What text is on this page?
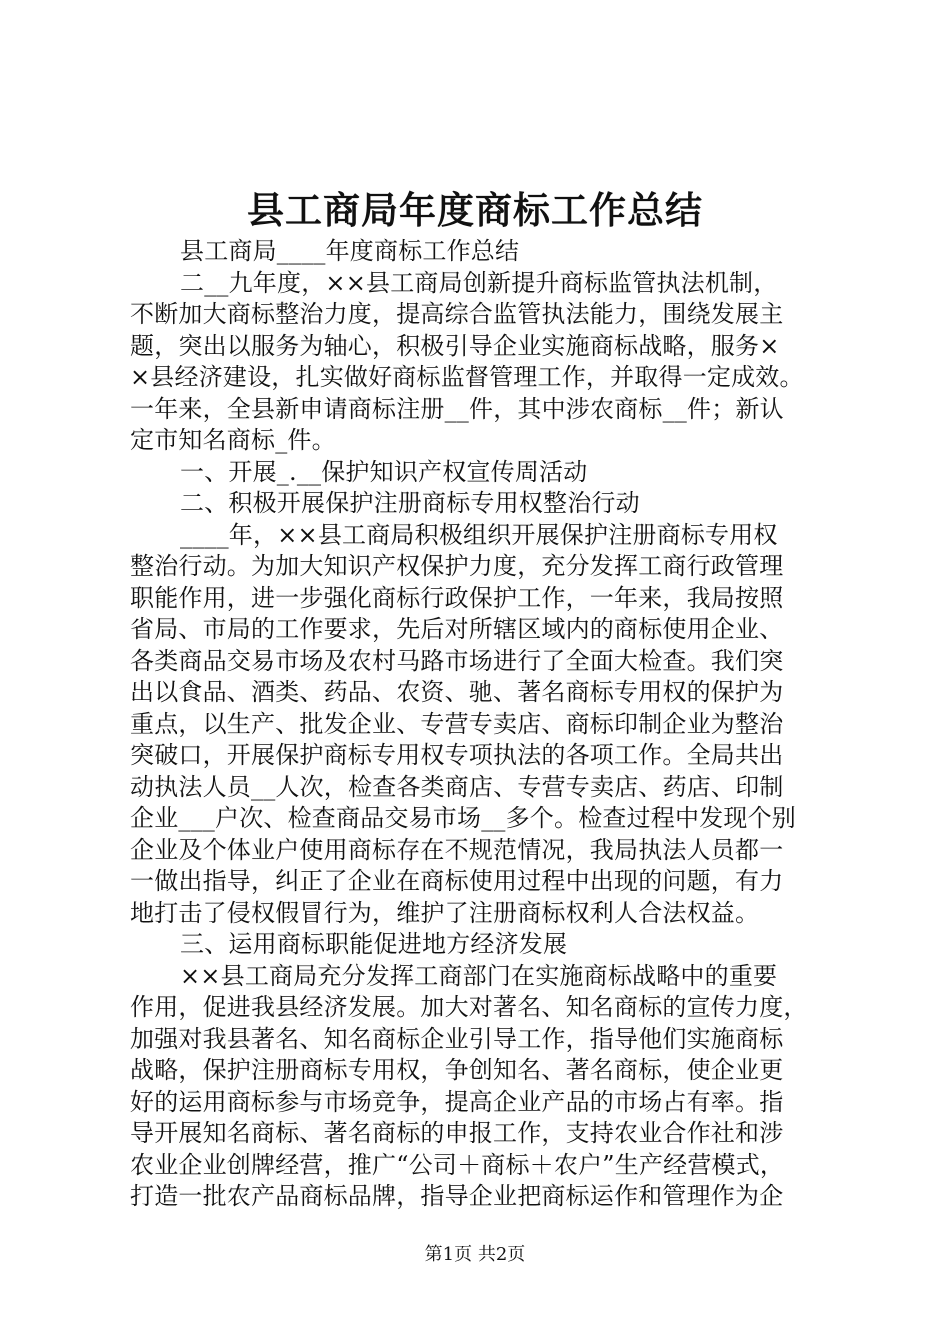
县工商局年度商标工作总结
县工商局____年度商标工作总结
二__九年度，××县工商局创新提升商标监管执法机制，
不断加大商标整治力度，提高综合监管执法能力，围绕发展主
题，突出以服务为轴心，积极引导企业实施商标战略，服务×
×县经济建设，扎实做好商标监督管理工作，并取得一定成效。
一年来，全县新申请商标注册__件，其中涉农商标__件；新认
定市知名商标_件。
一、开展_.__保护知识产权宣传周活动
二、积极开展保护注册商标专用权整治行动
____年，××县工商局积极组织开展保护注册商标专用权
整治行动。为加大知识产权保护力度，充分发挥工商行政管理
职能作用，进一步强化商标行政保护工作，一年来，我局按照
省局、市局的工作要求，先后对所辖区域内的商标使用企业、
各类商品交易市场及农村马路市场进行了全面大检查。我们突
出以食品、酒类、药品、农资、驰、著名商标专用权的保护为
重点，以生产、批发企业、专营专卖店、商标印制企业为整治
突破口，开展保护商标专用权专项执法的各项工作。全局共出
动执法人员__人次，检查各类商店、专营专卖店、药店、印制
企业___户次、检查商品交易市场__多个。检查过程中发现个别
企业及个体业户使用商标存在不规范情况，我局执法人员都一
一做出指导，纠正了企业在商标使用过程中出现的问题，有力
地打击了侵权假冒行为，维护了注册商标权利人合法权益。
三、运用商标职能促进地方经济发展
××县工商局充分发挥工商部门在实施商标战略中的重要
作用，促进我县经济发展。加大对著名、知名商标的宣传力度，
加强对我县著名、知名商标企业引导工作，指导他们实施商标
战略，保护注册商标专用权，争创知名、著名商标，使企业更
好的运用商标参与市场竞争，提高企业产品的市场占有率。指
导开展知名商标、著名商标的申报工作，支持农业合作社和涉
农业企业创牌经营，推广“公司＋商标＋农户”生产经营模式，
打造一批农产品商标品牌，指导企业把商标运作和管理作为企
第1页 共2页
